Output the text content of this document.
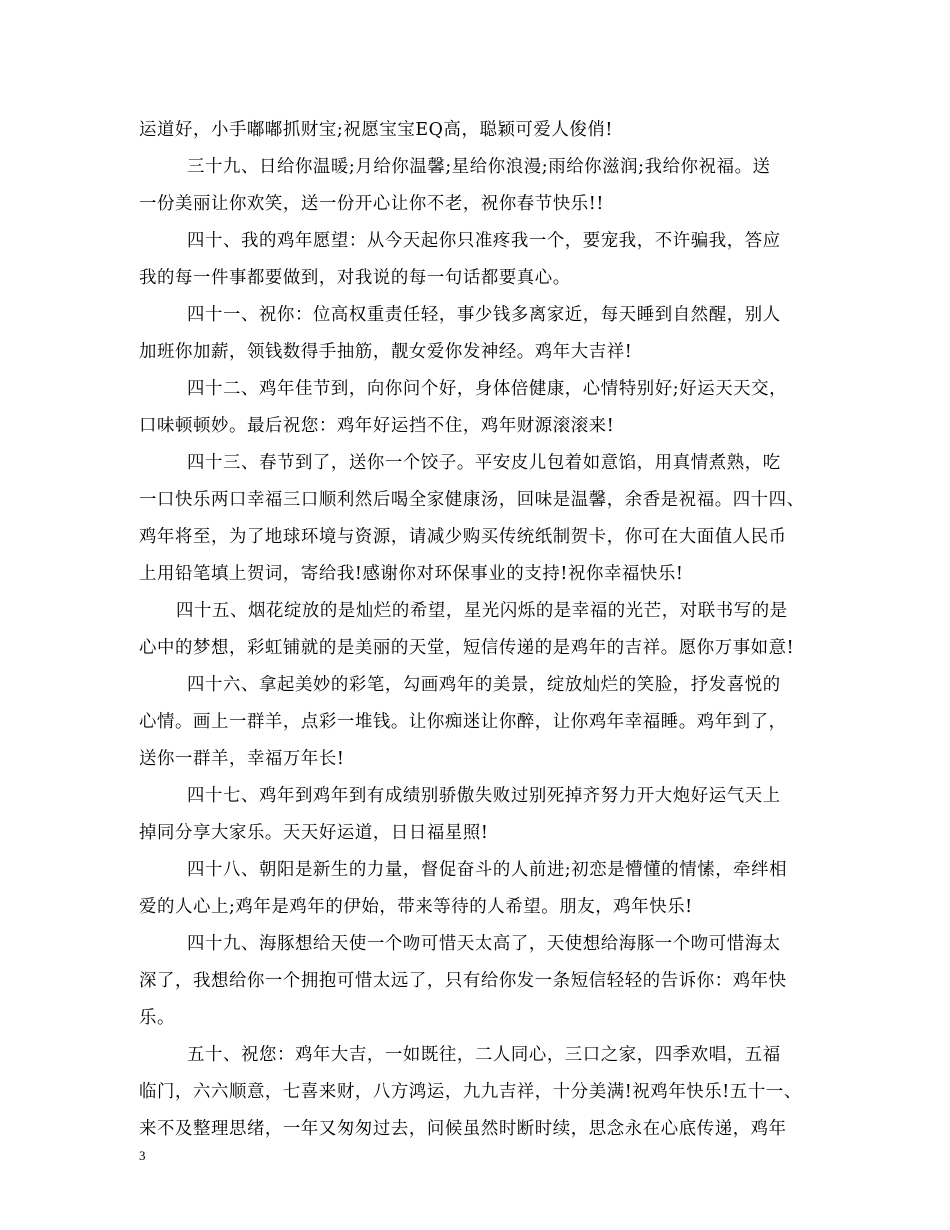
运道好，小手嘟嘟抓财宝;祝愿宝宝EQ高，聪颖可爱人俊俏!
三十九、日给你温暖;月给你温馨;星给你浪漫;雨给你滋润;我给你祝福。送
一份美丽让你欢笑，送一份开心让你不老，祝你春节快乐!!
四十、我的鸡年愿望：从今天起你只准疼我一个，要宠我，不许骗我，答应
我的每一件事都要做到，对我说的每一句话都要真心。
四十一、祝你：位高权重责任轻，事少钱多离家近，每天睡到自然醒，别人
加班你加薪，领钱数得手抽筋，靓女爱你发神经。鸡年大吉祥!
四十二、鸡年佳节到，向你问个好，身体倍健康，心情特别好;好运天天交，
口味顿顿妙。最后祝您：鸡年好运挡不住，鸡年财源滚滚来!
四十三、春节到了，送你一个饺子。平安皮儿包着如意馅，用真情煮熟，吃
一口快乐两口幸福三口顺利然后喝全家健康汤，回味是温馨，余香是祝福。四十四、
鸡年将至，为了地球环境与资源，请减少购买传统纸制贺卡，你可在大面值人民币
上用铅笔填上贺词，寄给我!感谢你对环保事业的支持!祝你幸福快乐!
四十五、烟花绽放的是灿烂的希望，星光闪烁的是幸福的光芒，对联书写的是
心中的梦想，彩虹铺就的是美丽的天堂，短信传递的是鸡年的吉祥。愿你万事如意!
四十六、拿起美妙的彩笔，勾画鸡年的美景，绽放灿烂的笑脸，抒发喜悦的
心情。画上一群羊，点彩一堆钱。让你痴迷让你醉，让你鸡年幸福睡。鸡年到了，
送你一群羊，幸福万年长!
四十七、鸡年到鸡年到有成绩别骄傲失败过别死掉齐努力开大炮好运气天上
掉同分享大家乐。天天好运道，日日福星照!
四十八、朝阳是新生的力量，督促奋斗的人前进;初恋是懵懂的情愫，牵绊相
爱的人心上;鸡年是鸡年的伊始，带来等待的人希望。朋友，鸡年快乐!
四十九、海豚想给天使一个吻可惜天太高了，天使想给海豚一个吻可惜海太
深了，我想给你一个拥抱可惜太远了，只有给你发一条短信轻轻的告诉你：鸡年快
乐。
五十、祝您：鸡年大吉，一如既往，二人同心，三口之家，四季欢唱，五福
临门，六六顺意，七喜来财，八方鸿运，九九吉祥，十分美满!祝鸡年快乐!五十一、
来不及整理思绪，一年又匆匆过去，问候虽然时断时续，思念永在心底传递，鸡年
3
